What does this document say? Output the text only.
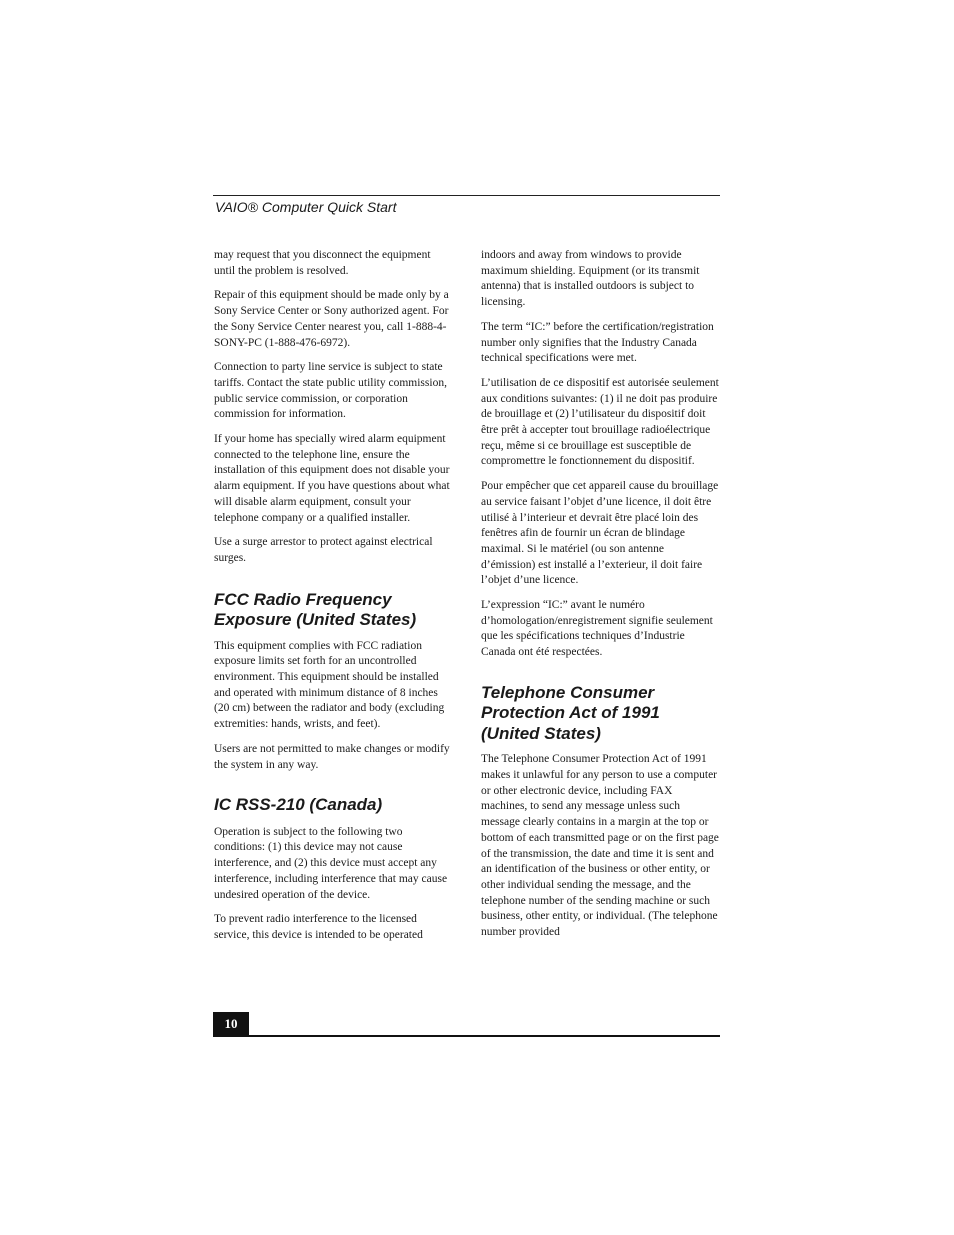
VAIO® Computer Quick Start

may request that you disconnect the equipment until the problem is resolved.

Repair of this equipment should be made only by a Sony Service Center or Sony authorized agent. For the Sony Service Center nearest you, call 1-888-4-SONY-PC (1-888-476-6972).

Connection to party line service is subject to state tariffs. Contact the state public utility commission, public service commission, or corporation commission for information.

If your home has specially wired alarm equipment connected to the telephone line, ensure the installation of this equipment does not disable your alarm equipment. If you have questions about what will disable alarm equipment, consult your telephone company or a qualified installer.

Use a surge arrestor to protect against electrical surges.

FCC Radio Frequency Exposure (United States)

This equipment complies with FCC radiation exposure limits set forth for an uncontrolled environment. This equipment should be installed and operated with minimum distance of 8 inches (20 cm) between the radiator and body (excluding extremities: hands, wrists, and feet).

Users are not permitted to make changes or modify the system in any way.

IC RSS-210 (Canada)

Operation is subject to the following two conditions: (1) this device may not cause interference, and (2) this device must accept any interference, including interference that may cause undesired operation of the device.

To prevent radio interference to the licensed service, this device is intended to be operated

indoors and away from windows to provide maximum shielding. Equipment (or its transmit antenna) that is installed outdoors is subject to licensing.

The term “IC:” before the certification/registration number only signifies that the Industry Canada technical specifications were met.

L’utilisation de ce dispositif est autorisée seulement aux conditions suivantes: (1) il ne doit pas produire de brouillage et (2) l’utilisateur du dispositif doit être prêt à accepter tout brouillage radioélectrique reçu, même si ce brouillage est susceptible de compromettre le fonctionnement du dispositif.

Pour empêcher que cet appareil cause du brouillage au service faisant l’objet d’une licence, il doit être utilisé à l’interieur et devrait être placé loin des fenêtres afin de fournir un écran de blindage maximal. Si le matériel (ou son antenne d’émission) est installé a l’exterieur, il doit faire l’objet d’une licence.

L’expression “IC:” avant le numéro d’homologation/enregistrement signifie seulement que les spécifications techniques d’Industrie Canada ont été respectées.

Telephone Consumer Protection Act of 1991 (United States)

The Telephone Consumer Protection Act of 1991 makes it unlawful for any person to use a computer or other electronic device, including FAX machines, to send any message unless such message clearly contains in a margin at the top or bottom of each transmitted page or on the first page of the transmission, the date and time it is sent and an identification of the business or other entity, or other individual sending the message, and the telephone number of the sending machine or such business, other entity, or individual. (The telephone number provided

10
